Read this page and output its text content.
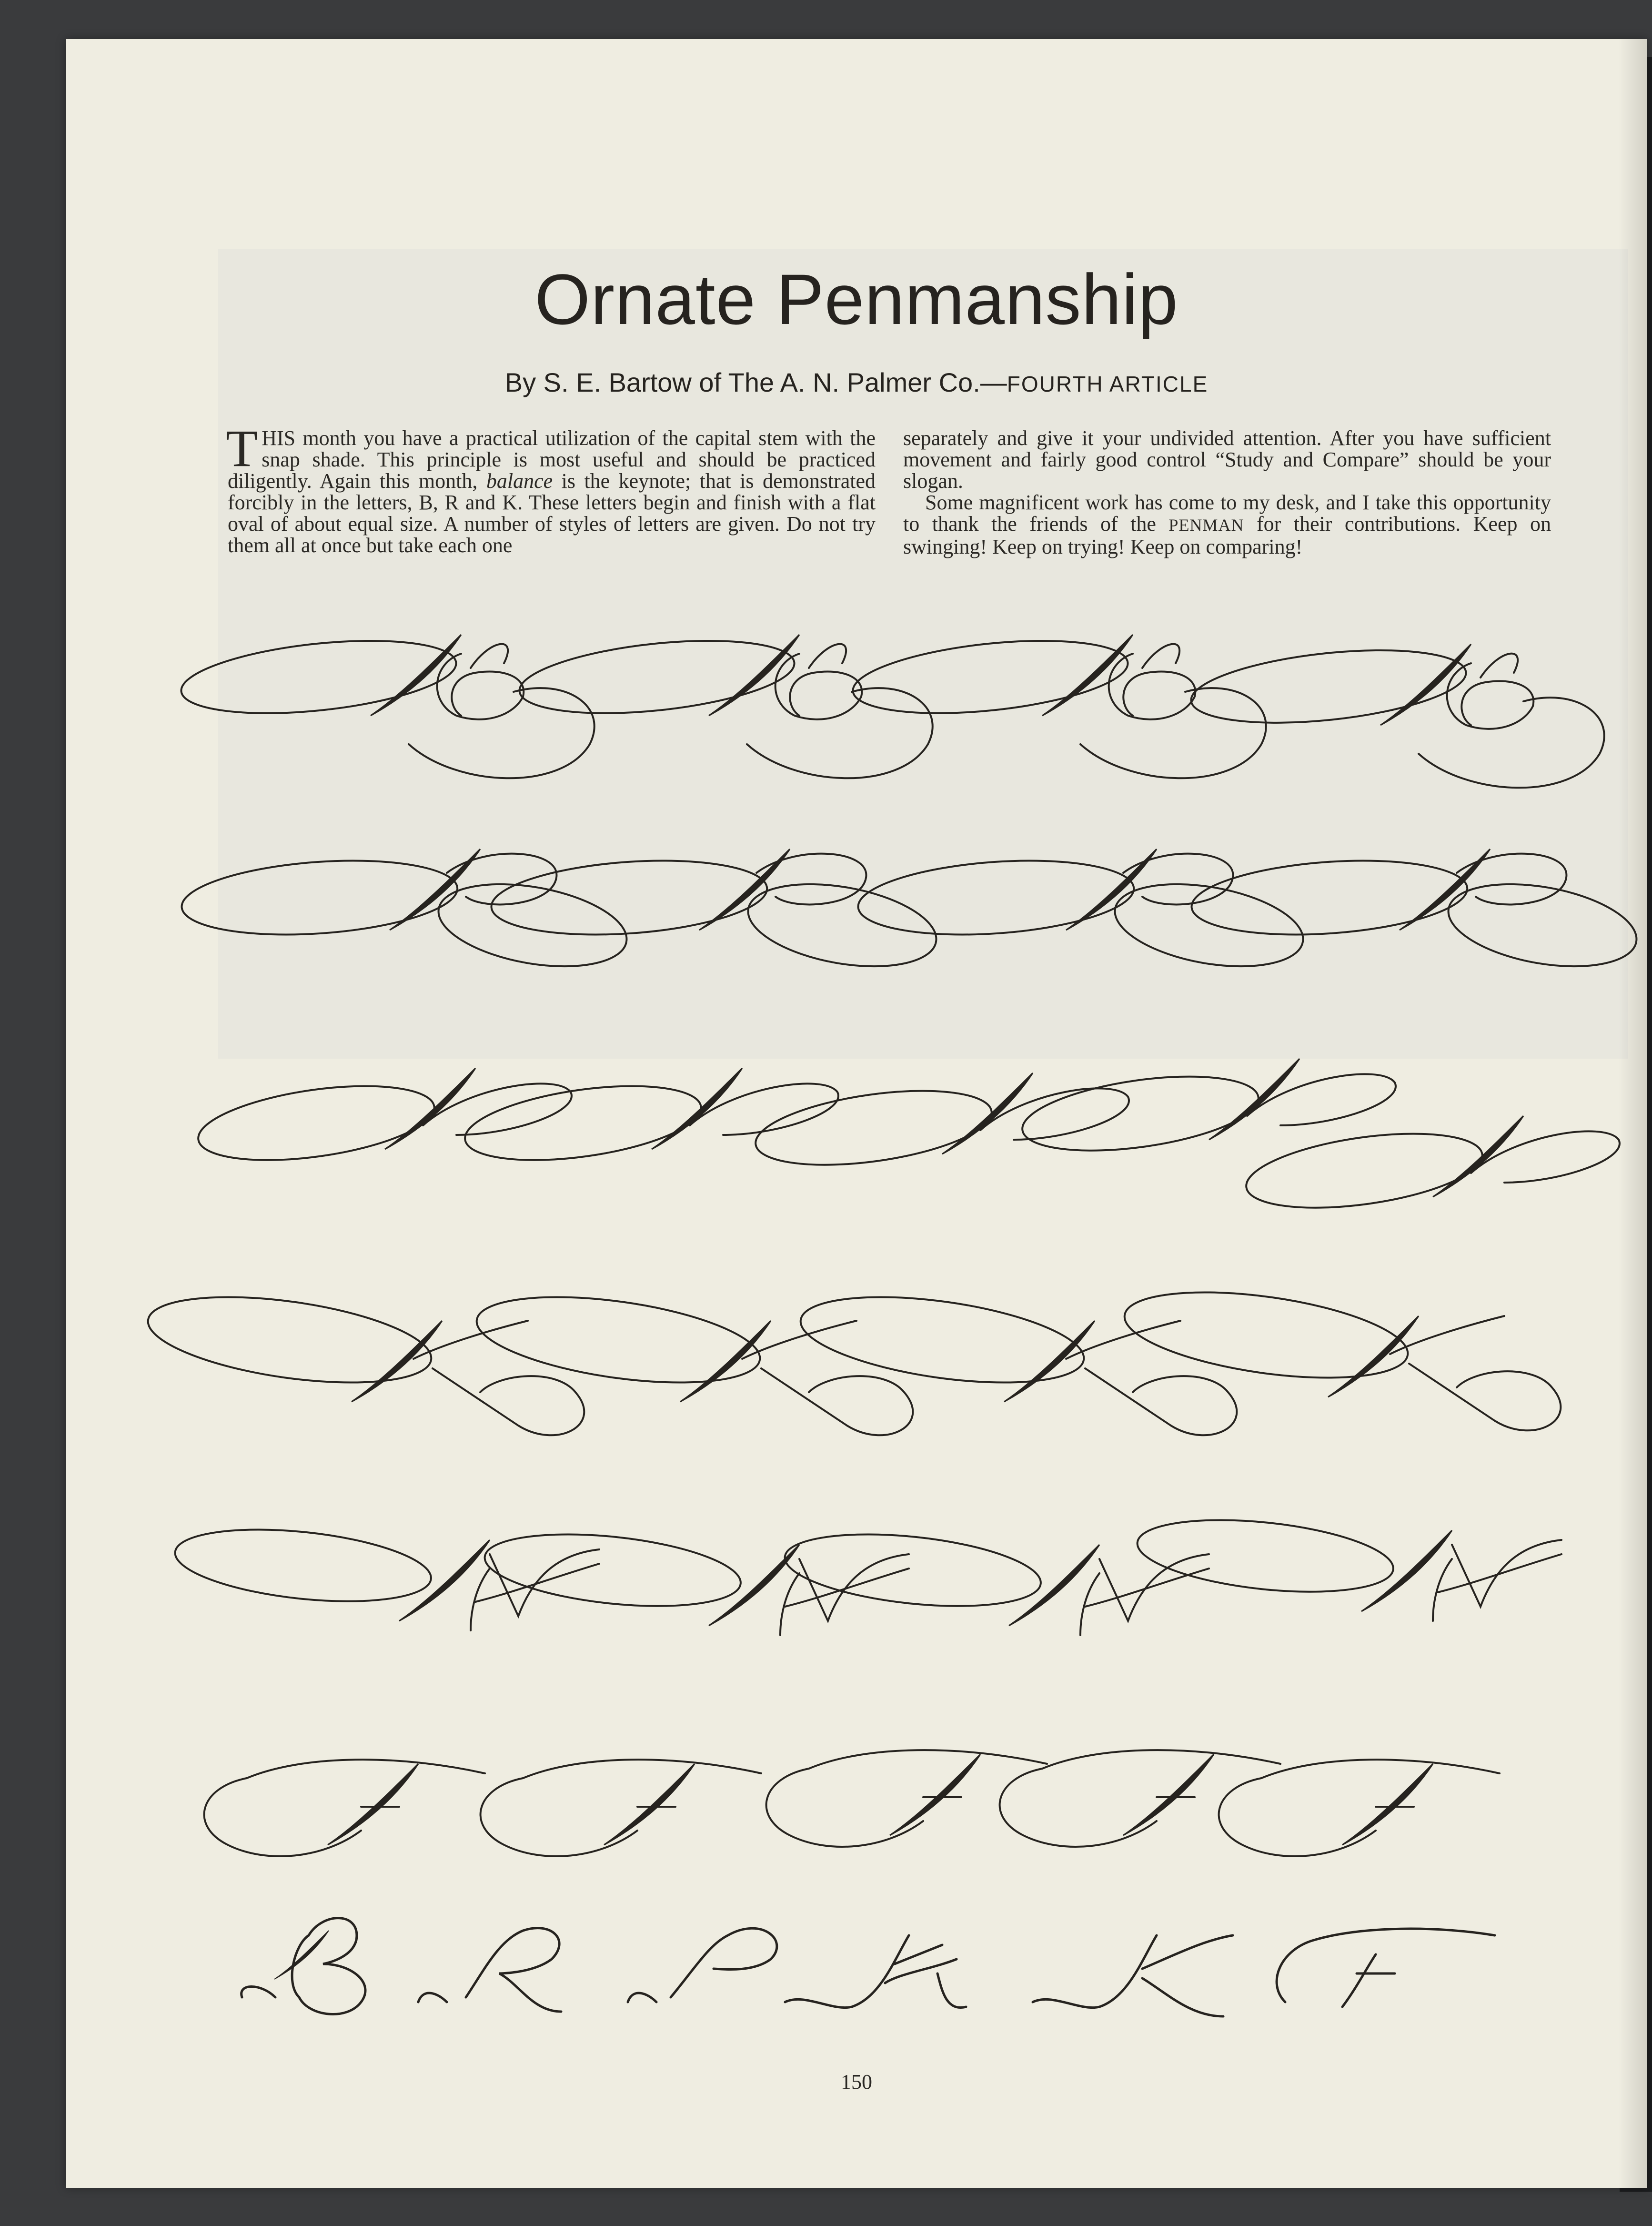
Ornate Penmanship
By S. E. Bartow of The A. N. Palmer Co.—FOURTH ARTICLE

THIS month you have a practical utilization of the capital stem with the snap shade. This principle is most useful and should be practiced diligently. Again this month, balance is the keynote; that is demonstrated forcibly in the letters, B, R and K. These letters begin and finish with a flat oval of about equal size. A number of styles of letters are given. Do not try them all at once but take each one

separately and give it your undivided attention. After you have sufficient movement and fairly good control “Study and Compare” should be your slogan.

Some magnificent work has come to my desk, and I take this opportunity to thank the friends of the PENMAN for their contributions. Keep on swinging! Keep on trying! Keep on comparing!

150
